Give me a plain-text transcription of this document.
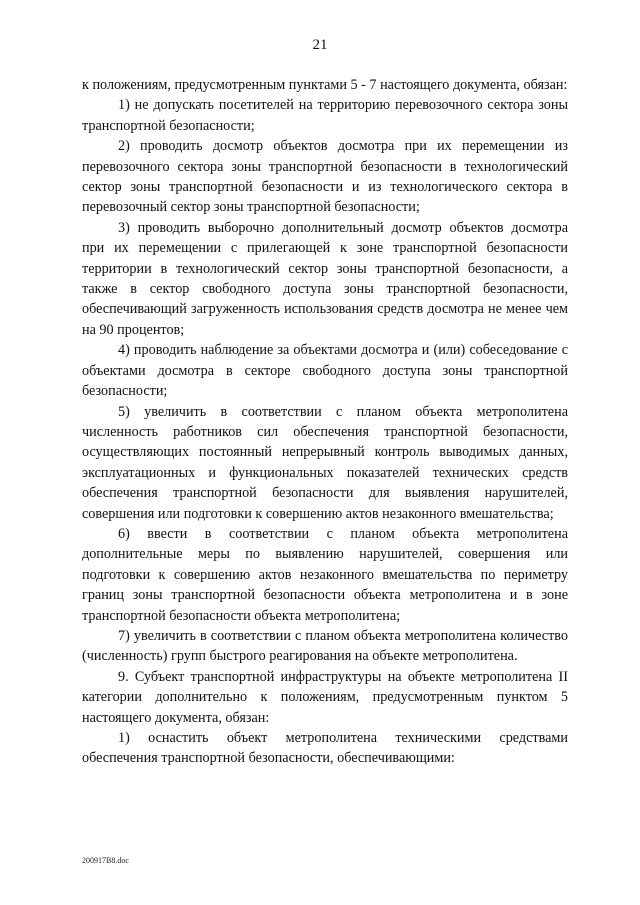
21

к положениям, предусмотренным пунктами 5 - 7 настоящего документа, обязан:

1) не допускать посетителей на территорию перевозочного сектора зоны транспортной безопасности;

2) проводить досмотр объектов досмотра при их перемещении из перевозочного сектора зоны транспортной безопасности в технологический сектор зоны транспортной безопасности и из технологического сектора в перевозочный сектор зоны транспортной безопасности;

3) проводить выборочно дополнительный досмотр объектов досмотра при их перемещении с прилегающей к зоне транспортной безопасности территории в технологический сектор зоны транспортной безопасности, а также в сектор свободного доступа зоны транспортной безопасности, обеспечивающий загруженность использования средств досмотра не менее чем на 90 процентов;

4) проводить наблюдение за объектами досмотра и (или) собеседование с объектами досмотра в секторе свободного доступа зоны транспортной безопасности;

5) увеличить в соответствии с планом объекта метрополитена численность работников сил обеспечения транспортной безопасности, осуществляющих постоянный непрерывный контроль выводимых данных, эксплуатационных и функциональных показателей технических средств обеспечения транспортной безопасности для выявления нарушителей, совершения или подготовки к совершению актов незаконного вмешательства;

6) ввести в соответствии с планом объекта метрополитена дополнительные меры по выявлению нарушителей, совершения или подготовки к совершению актов незаконного вмешательства по периметру границ зоны транспортной безопасности объекта метрополитена и в зоне транспортной безопасности объекта метрополитена;

7) увеличить в соответствии с планом объекта метрополитена количество (численность) групп быстрого реагирования на объекте метрополитена.

9. Субъект транспортной инфраструктуры на объекте метрополитена II категории дополнительно к положениям, предусмотренным пунктом 5 настоящего документа, обязан:

1) оснастить объект метрополитена техническими средствами обеспечения транспортной безопасности, обеспечивающими:

200917B8.doc
